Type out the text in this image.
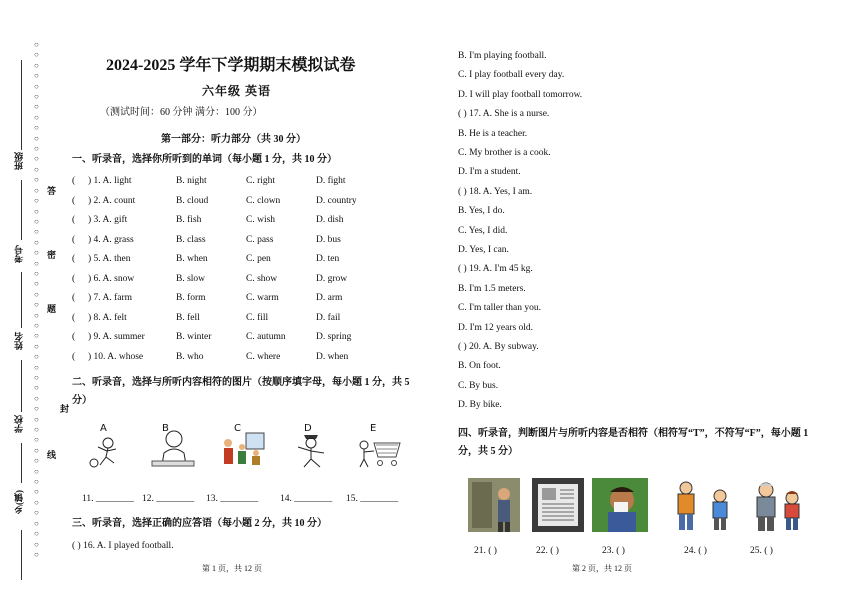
班级
考号
姓名
学校
乡(镇)
○
○
○
○
○
○
○
○
○
○
○
○
○
○
○
○
○
○
○
○
○
○
○
○
○
○
○
○
○
○
○
○
○
○
○
○
○
○
○
○
○
○
○
○
○
○
○
○
○
○
答
题
线
封
密
2024-2025 学年下学期期末模拟试卷
六年级 英语
（测试时间：60 分钟 满分：100 分）
第一部分：听力部分（共 30 分）
一、听录音，选择你所听到的单词（每小题 1 分，共 10 分）
( ) 1. A. light	B. night	C. right	D. fight
( ) 2. A. count	B. cloud	C. clown	D. country
( ) 3. A. gift	B. fish	C. wish	D. dish
( ) 4. A. grass	B. class	C. pass	D. bus
( ) 5. A. then	B. when	C. pen	D. ten
( ) 6. A. snow	B. slow	C. show	D. grow
( ) 7. A. farm	B. form	C. warm	D. arm
( ) 8. A. felt	B. fell	C. fill	D. fail
( ) 9. A. summer	B. winter	C. autumn	D. spring
( ) 10. A. whose	B. who	C. where	D. when
二、听录音，选择与所听内容相符的图片（按顺序填字母，每小题 1 分，共 5 分）
A	B	C	D	E
11. ________ 12. ________ 13. ________ 14. ________ 15. ________
三、听录音，选择正确的应答语（每小题 2 分，共 10 分）
( ) 16. A. I played football.
第 1 页，共 12 页
B. I'm playing football.
C. I play football every day.
D. I will play football tomorrow.
( ) 17. A. She is a nurse.
B. He is a teacher.
C. My brother is a cook.
D. I'm a student.
( ) 18. A. Yes, I am.
B. Yes, I do.
C. Yes, I did.
D. Yes, I can.
( ) 19. A. I'm 45 kg.
B. I'm 1.5 meters.
C. I'm taller than you.
D. I'm 12 years old.
( ) 20. A. By subway.
B. On foot.
C. By bus.
D. By bike.
四、听录音，判断图片与所听内容是否相符（相符写“T”，不符写“F”，每小题 1 分，共 5 分）
21. ( )	22. ( )	23. ( )	24. ( )	25. ( )
第 2 页，共 12 页
